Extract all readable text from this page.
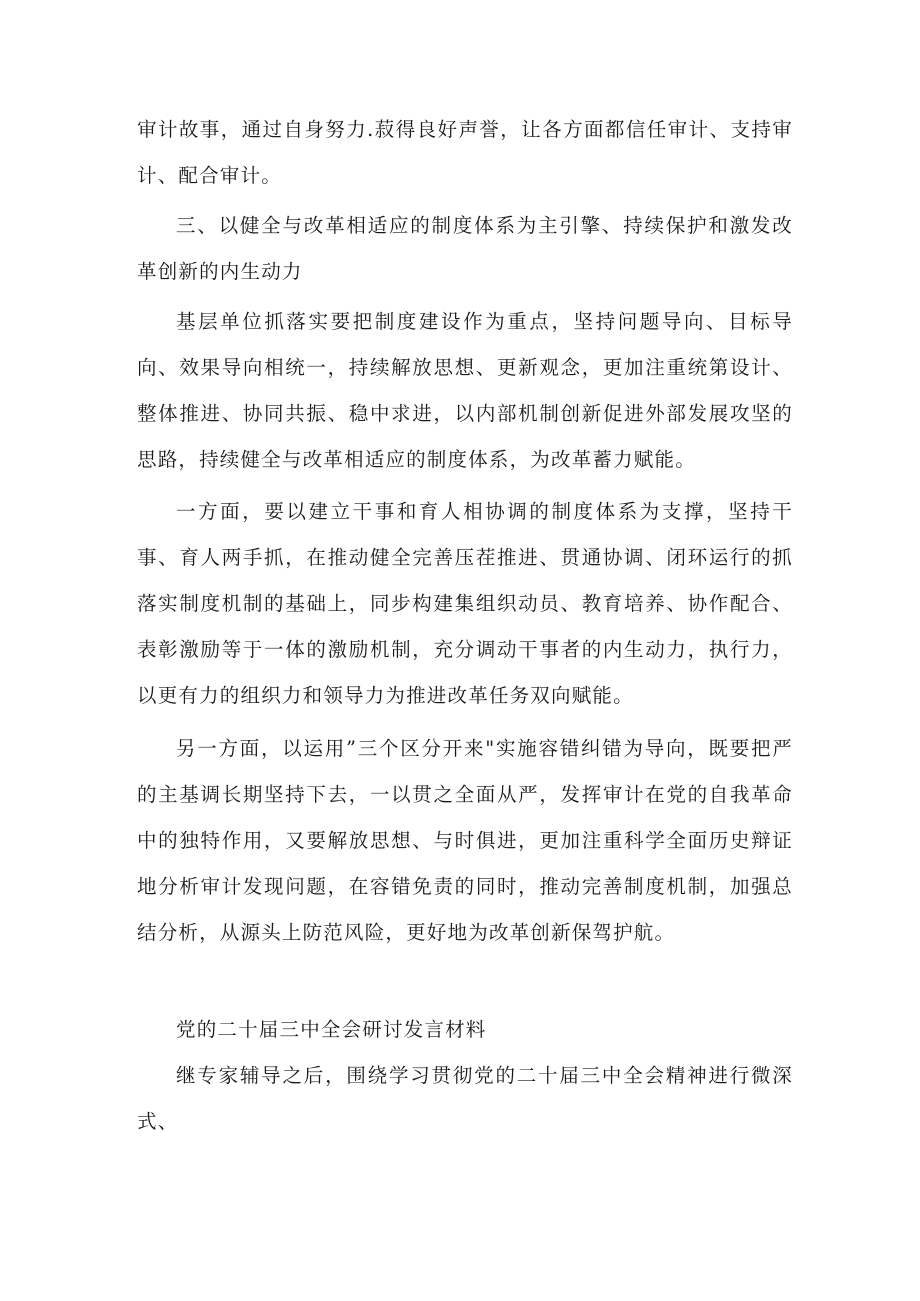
审计故事，通过自身努力.菽得良好声誉，让各方面都信任审计、支持审计、配合审计。

三、以健全与改革相适应的制度体系为主引擎、持续保护和激发改革创新的内生动力

基层单位抓落实要把制度建设作为重点，坚持问题导向、目标导向、效果导向相统一，持续解放思想、更新观念，更加注重统第设计、整体推进、协同共振、稳中求进，以内部机制创新促进外部发展攻坚的思路，持续健全与改革相适应的制度体系，为改革蓄力赋能。

一方面，要以建立干事和育人相协调的制度体系为支撑，坚持干事、育人两手抓，在推动健全完善压茬推进、贯通协调、闭环运行的抓落实制度机制的基础上，同步构建集组织动员、教育培养、协作配合、表彰激励等于一体的激励机制，充分调动干事者的内生动力，执行力，以更有力的组织力和领导力为推进改革任务双向赋能。

另一方面，以运用”三个区分开来"实施容错纠错为导向，既要把严的主基调长期坚持下去，一以贯之全面从严，发挥审计在党的自我革命中的独特作用，又要解放思想、与时俱进，更加注重科学全面历史辩证地分析审计发现问题，在容错免责的同时，推动完善制度机制，加强总结分析，从源头上防范风险，更好地为改革创新保驾护航。

党的二十届三中全会研讨发言材料

继专家辅导之后，围绕学习贯彻党的二十届三中全会精神进行微深式、
